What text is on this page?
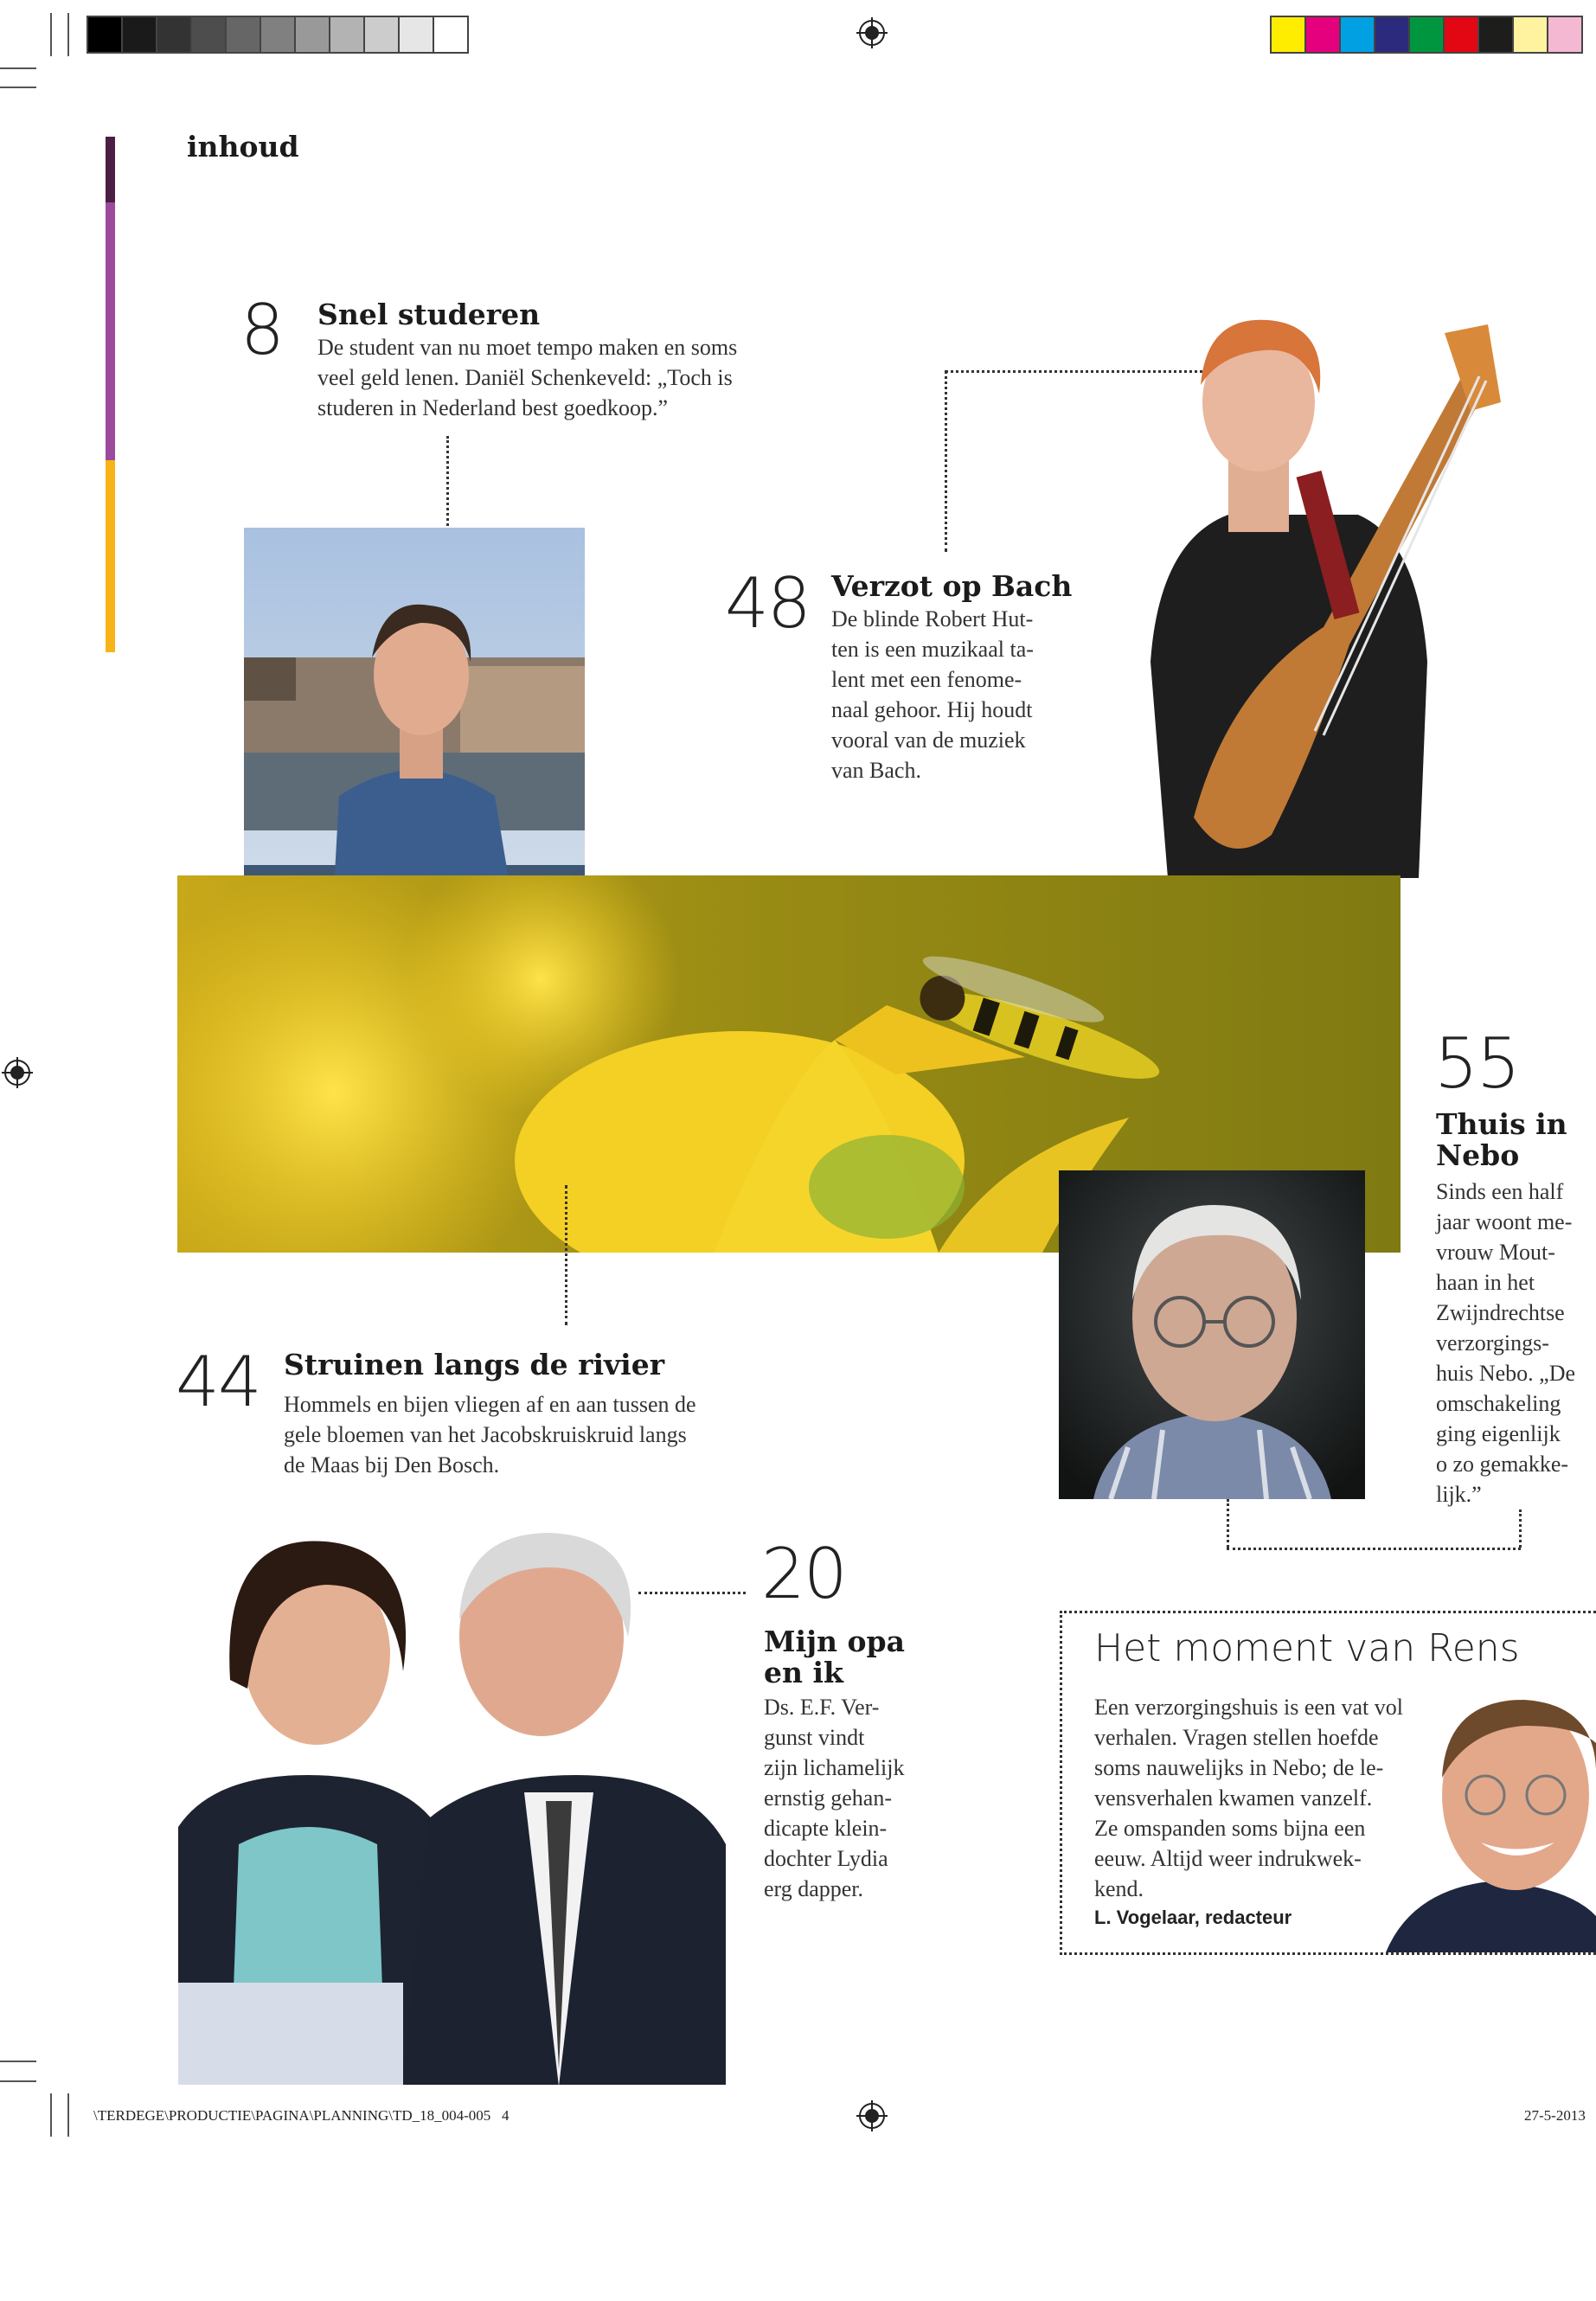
inhoud
8 Snel studeren
De student van nu moet tempo maken en soms
veel geld lenen. Daniël Schenkeveld: „Toch is
studeren in Nederland best goedkoop.”
48 Verzot op Bach
De blinde Robert Hut-
ten is een muzikaal ta-
lent met een fenome-
naal gehoor. Hij houdt
vooral van de muziek
van Bach.
55
Thuis in
Nebo
Sinds een half
jaar woont me-
vrouw Mout-
haan in het
Zwijndrechtse
verzorgings-
huis Nebo. „De
omschakeling
ging eigenlijk
o zo gemakke-
lijk.”
44 Struinen langs de rivier
Hommels en bijen vliegen af en aan tussen de
gele bloemen van het Jacobskruiskruid langs
de Maas bij Den Bosch.
20
Mijn opa
en ik
Ds. E.F. Ver-
gunst vindt
zijn lichamelijk
ernstig gehan-
dicapte klein-
dochter Lydia
erg dapper.
Het moment van Rens
Een verzorgingshuis is een vat vol
verhalen. Vragen stellen hoefde
soms nauwelijks in Nebo; de le-
vensverhalen kwamen vanzelf.
Ze omspanden soms bijna een
eeuw. Altijd weer indrukwek-
kend.
L. Vogelaar, redacteur
\TERDEGE\PRODUCTIE\PAGINA\PLANNING\TD_18_004-005   4	27-5-2013
